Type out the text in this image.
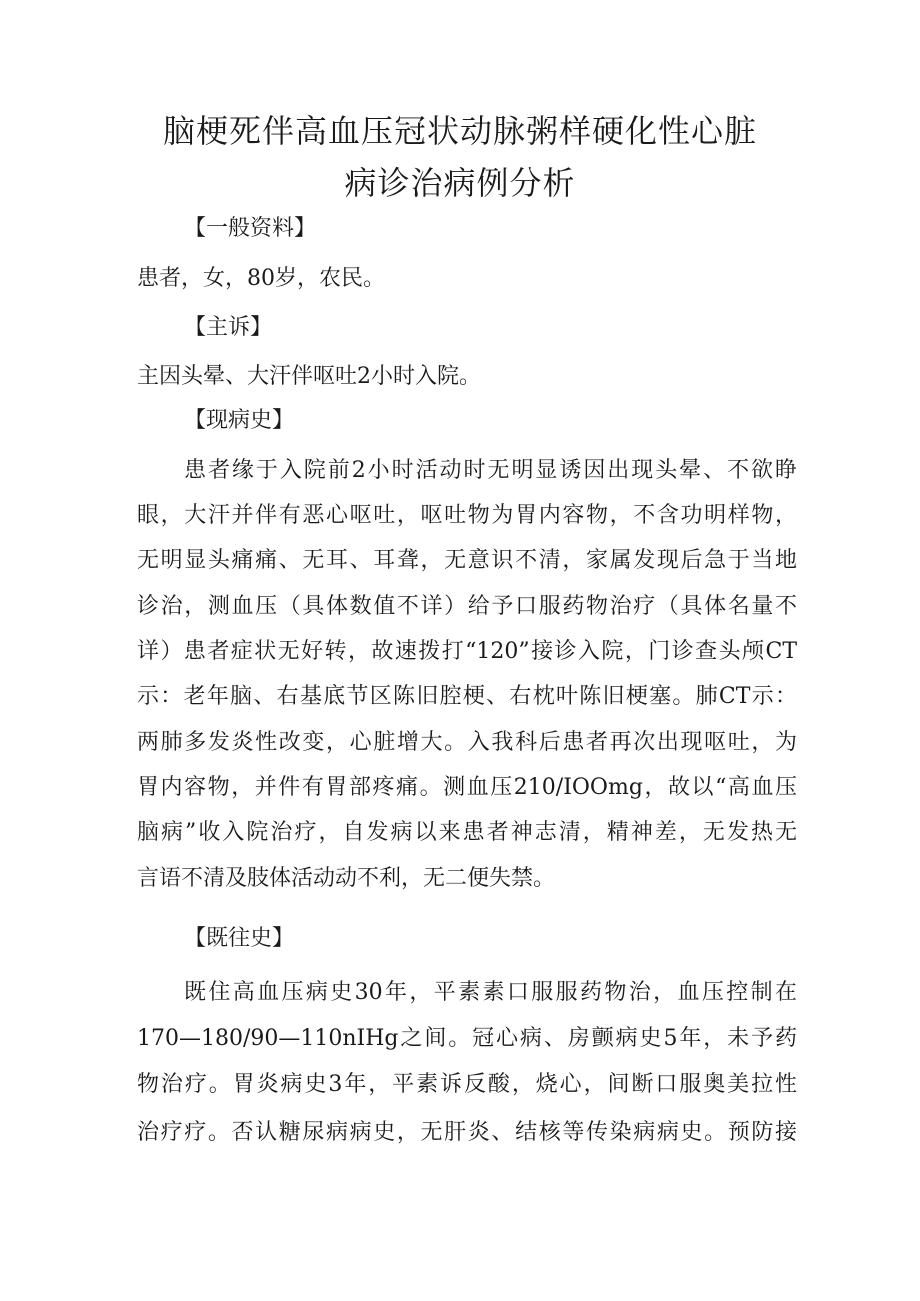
脑梗死伴高血压冠状动脉粥样硬化性心脏
病诊治病例分析

【一般资料】

患者，女，80岁，农民。

【主诉】

主因头晕、大汗伴呕吐2小时入院。

【现病史】

患者缘于入院前2小时活动时无明显诱因出现头晕、不欲睁

眼，大汗并伴有恶心呕吐，呕吐物为胃内容物，不含功明样物，

无明显头痛痛、无耳、耳聋，无意识不清，家属发现后急于当地

诊治，测血压（具体数值不详）给予口服药物治疗（具体名量不

详）患者症状无好转，故速拨打“120”接诊入院，门诊查头颅CT

示：老年脑、右基底节区陈旧腔梗、右枕叶陈旧梗塞。肺CT示：

两肺多发炎性改变，心脏增大。入我科后患者再次出现呕吐，为

胃内容物，并件有胃部疼痛。测血压210/IOOmg，故以“高血压

脑病”收入院治疗，自发病以来患者神志清，精神差，无发热无

言语不清及肢体活动动不利，无二便失禁。

【既往史】

既住高血压病史30年，平素素口服服药物治，血压控制在

170—180/90—110nIHg之间。冠心病、房颤病史5年，未予药

物治疗。胃炎病史3年，平素诉反酸，烧心，间断口服奥美拉性

治疗疗。否认糖尿病病史，无肝炎、结核等传染病病史。预防接
